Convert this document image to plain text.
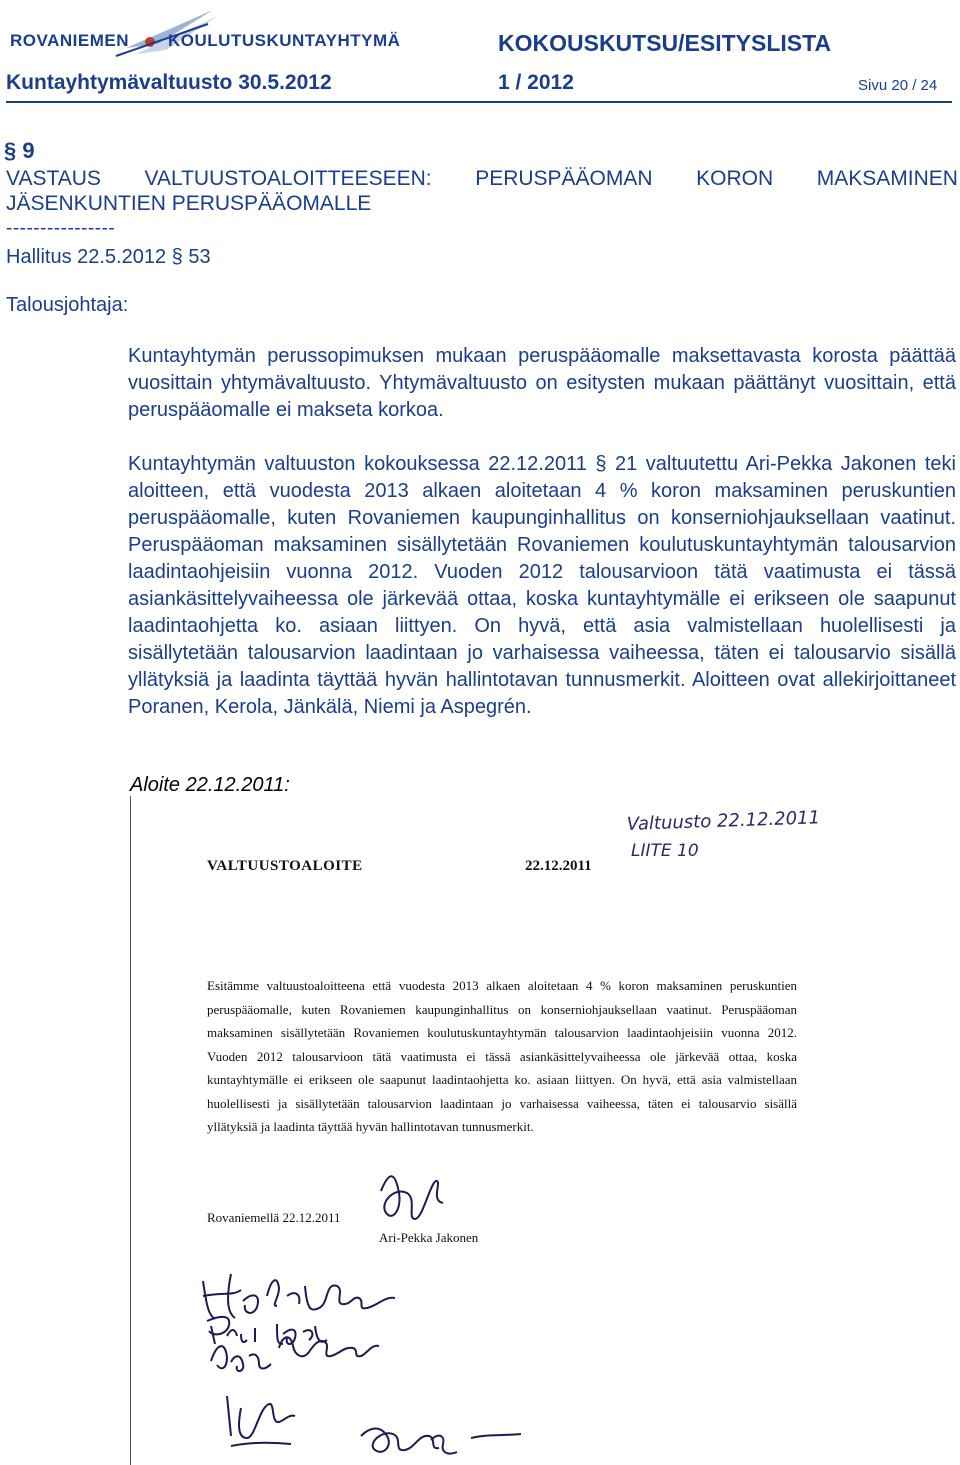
ROVANIEMEN KOULUTUSKUNTAYHTYMÄ	KOKOUSKUTSU/ESITYSLISTA
Kuntayhtymävaltuusto 30.5.2012	1 / 2012	Sivu 20 / 24
§ 9
VASTAUS VALTUUSTOALOITTEESEEN: PERUSPÄÄOMAN KORON MAKSAMINEN
JÄSENKUNTIEN PERUSPÄÄOMALLE
----------------
Hallitus 22.5.2012 § 53
Talousjohtaja:
Kuntayhtymän perussopimuksen mukaan peruspääomalle maksettavasta korosta päättää vuosittain yhtymävaltuusto. Yhtymävaltuusto on esitysten mukaan päättänyt vuosittain, että peruspääomalle ei makseta korkoa.
Kuntayhtymän valtuuston kokouksessa 22.12.2011 § 21 valtuutettu Ari-Pekka Jakonen teki aloitteen, että vuodesta 2013 alkaen aloitetaan 4 % koron maksaminen peruskuntien peruspääomalle, kuten Rovaniemen kaupunginhallitus on konserniohjauksellaan vaatinut. Peruspääoman maksaminen sisällytetään Rovaniemen koulutuskuntayhtymän talousarvion laadintaohjeisiin vuonna 2012. Vuoden 2012 talousarvioon tätä vaatimusta ei tässä asiankäsittelyvaiheessa ole järkevää ottaa, koska kuntayhtymälle ei erikseen ole saapunut laadintaohjetta ko. asiaan liittyen. On hyvä, että asia valmistellaan huolellisesti ja sisällytetään talousarvion laadintaan jo varhaisessa vaiheessa, täten ei talousarvio sisällä yllätyksiä ja laadinta täyttää hyvän hallintotavan tunnusmerkit. Aloitteen ovat allekirjoittaneet Poranen, Kerola, Jänkälä, Niemi ja Aspegrén.
Aloite 22.12.2011:
Valtuusto 22.12.2011
LIITE 10
VALTUUSTOALOITE	22.12.2011
Esitämme valtuustoaloitteena että vuodesta 2013 alkaen aloitetaan 4 % koron maksaminen peruskuntien peruspääomalle, kuten Rovaniemen kaupunginhallitus on konserniohjauksellaan vaatinut. Peruspääoman maksaminen sisällytetään Rovaniemen koulutuskuntayhtymän talousarvion laadintaohjeisiin vuonna 2012. Vuoden 2012 talousarvioon tätä vaatimusta ei tässä asiankäsittelyvaiheessa ole järkevää ottaa, koska kuntayhtymälle ei erikseen ole saapunut laadintaohjetta ko. asiaan liittyen. On hyvä, että asia valmistellaan huolellisesti ja sisällytetään talousarvion laadintaan jo varhaisessa vaiheessa, täten ei talousarvio sisällä yllätyksiä ja laadinta täyttää hyvän hallintotavan tunnusmerkit.
Rovaniemellä 22.12.2011
Ari-Pekka Jakonen
